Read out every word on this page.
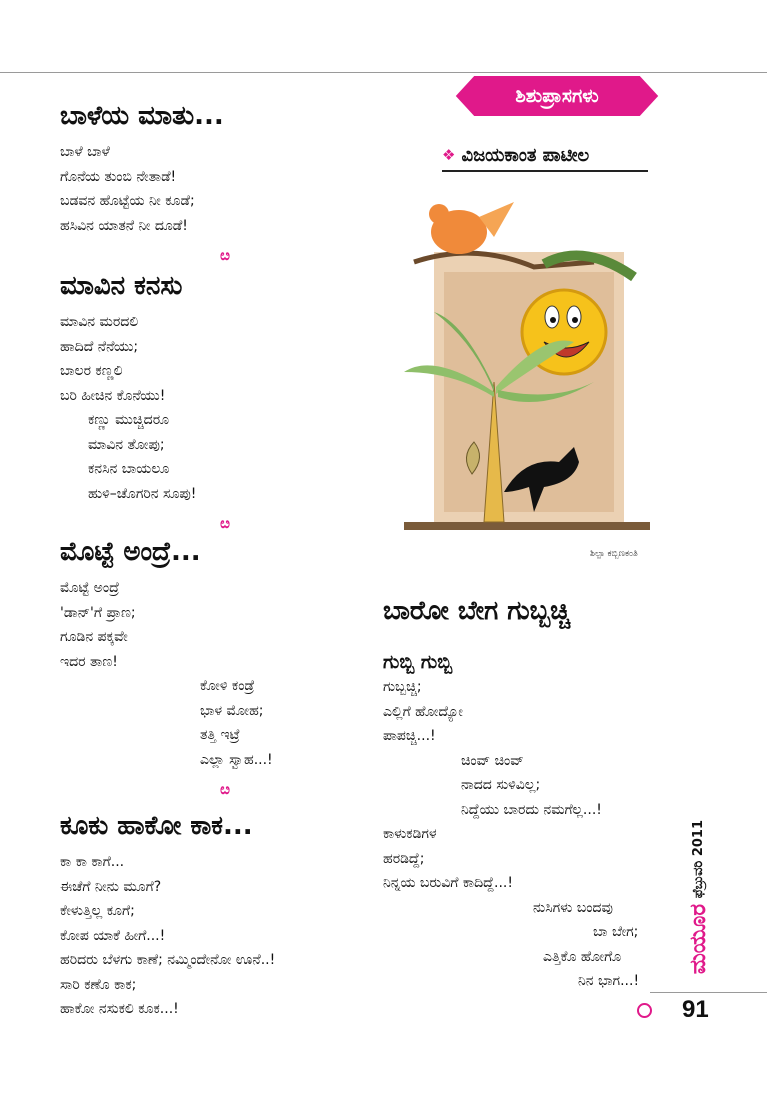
ಶಿಶುಪ್ರಾಸಗಳು
❖ ವಿಜಯಕಾಂತ ಪಾಟೀಲ
ಬಾಳೆಯ ಮಾತು...
ಬಾಳೆ ಬಾಳೆ
ಗೊನೆಯ ತುಂಬಿ ನೇತಾಡೆ!
ಬಡವನ ಹೊಟ್ಟೆಯ ನೀ ಕೂಡೆ;
ಹಸಿವಿನ ಯಾತನೆ ನೀ ದೂಡೆ!
ೞ
ಮಾವಿನ ಕನಸು
ಮಾವಿನ ಮರದಲಿ
ಹಾದಿದೆ ನೆನೆಯು;
ಬಾಲರ ಕಣ್ಣಲಿ
ಬರಿ ಹೀಚಿನ ಕೊನೆಯು!
ಕಣ್ಣು ಮುಚ್ಚಿದರೂ
ಮಾವಿನ ತೋಪು;
ಕನಸಿನ ಬಾಯಲೂ
ಹುಳಿ–ಚೊಗರಿನ ಸೂಪು!
ೞ
ಮೊಟ್ಟೆ ಅಂದ್ರೆ...
ಮೊಟ್ಟೆ ಅಂದ್ರೆ
'ಡಾನ್'ಗೆ ಪ್ರಾಣ;
ಗೂಡಿನ ಪಕ್ಕವೇ
ಇದರ ತಾಣ!
ಕೋಳಿ ಕಂಡ್ರೆ
ಭಾಳ ಮೋಹ;
ತತ್ತಿ ಇಟ್ರೆ
ಎಲ್ಲಾ ಸ್ವಾಹ...!
ೞ
ಕೂಕು ಹಾಕೋ ಕಾಕ...
ಕಾ ಕಾ ಕಾಗೆ...
ಈಚೆಗೆ ನೀನು ಮೂಗೆ?
ಕೇಳುತ್ತಿಲ್ಲ ಕೂಗೆ;
ಕೋಪ ಯಾಕೆ ಹೀಗೆ...!
ಹರಿದರು ಬೆಳಗು ಕಾಣೆ; ನಮ್ಮಿಂದೇನೋ ಊನೆ..!
ಸಾರಿ ಕಣೊ ಕಾಕ;
ಹಾಕೋ ನಸುಕಲಿ ಕೂಕ...!
ಶಿಲ್ಪಾ ಕಬ್ಬಿಣಕಂತಿ
ಬಾರೋ ಬೇಗ ಗುಬ್ಬಚ್ಚಿ
ಗುಬ್ಬಿ ಗುಬ್ಬಿ
ಗುಬ್ಬಚ್ಚಿ;
ಎಲ್ಲಿಗೆ ಹೋದ್ಯೋ
ಪಾಪಚ್ಚಿ...!
ಚಿಂವ್ ಚಿಂವ್
ನಾದದ ಸುಳಿವಿಲ್ಲ;
ನಿದ್ದೆಯು ಬಾರದು ನಮಗೆಲ್ಲ...!
ಕಾಳುಕಡಿಗಳ
ಹರಡಿದ್ದೆ;
ನಿನ್ನಯ ಬರುವಿಗೆ ಕಾದಿದ್ದೆ...!
ನುಸಿಗಳು ಬಂದವು
ಬಾ ಬೇಗ;
ಎತ್ತಿಕೊ ಹೋಗೊ
ನಿನ ಭಾಗ...!
ಫೆಬ್ರುವರಿ 2011
ಮಯೂರ
91
